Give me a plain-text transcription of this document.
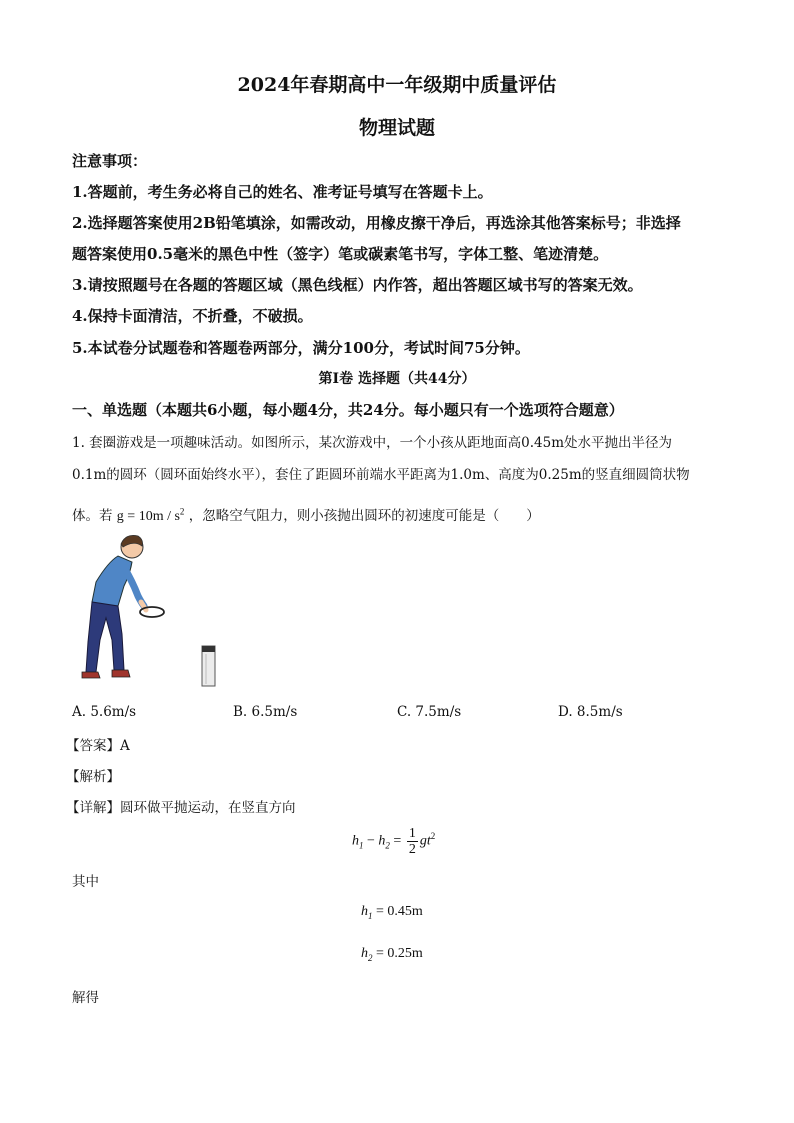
2024年春期高中一年级期中质量评估
物理试题
注意事项：
1.答题前，考生务必将自己的姓名、准考证号填写在答题卡上。
2.选择题答案使用2B铅笔填涂，如需改动，用橡皮擦干净后，再选涂其他答案标号；非选择
题答案使用0.5毫米的黑色中性（签字）笔或碳素笔书写，字体工整、笔迹清楚。
3.请按照题号在各题的答题区域（黑色线框）内作答，超出答题区域书写的答案无效。
4.保持卡面清洁，不折叠，不破损。
5.本试卷分试题卷和答题卷两部分，满分100分，考试时间75分钟。
第Ⅰ卷 选择题（共44分）
一、单选题（本题共6小题，每小题4分，共24分。每小题只有一个选项符合题意）
1. 套圈游戏是一项趣味活动。如图所示，某次游戏中，一个小孩从距地面高0.45m处水平抛出半径为
0.1m的圆环（圆环面始终水平），套住了距圆环前端水平距离为1.0m、高度为0.25m的竖直细圆筒状物
体。若 $g = 10m / s^2$ ，忽略空气阻力，则小孩抛出圆环的初速度可能是（　　）
A. 5.6m/s	B. 6.5m/s	C. 7.5m/s	D. 8.5m/s
【答案】A
【解析】
【详解】圆环做平抛运动，在竖直方向
$h_1 - h_2 = \frac{1}{2} gt^2$
其中
$h_1 = 0.45m$
$h_2 = 0.25m$
解得
